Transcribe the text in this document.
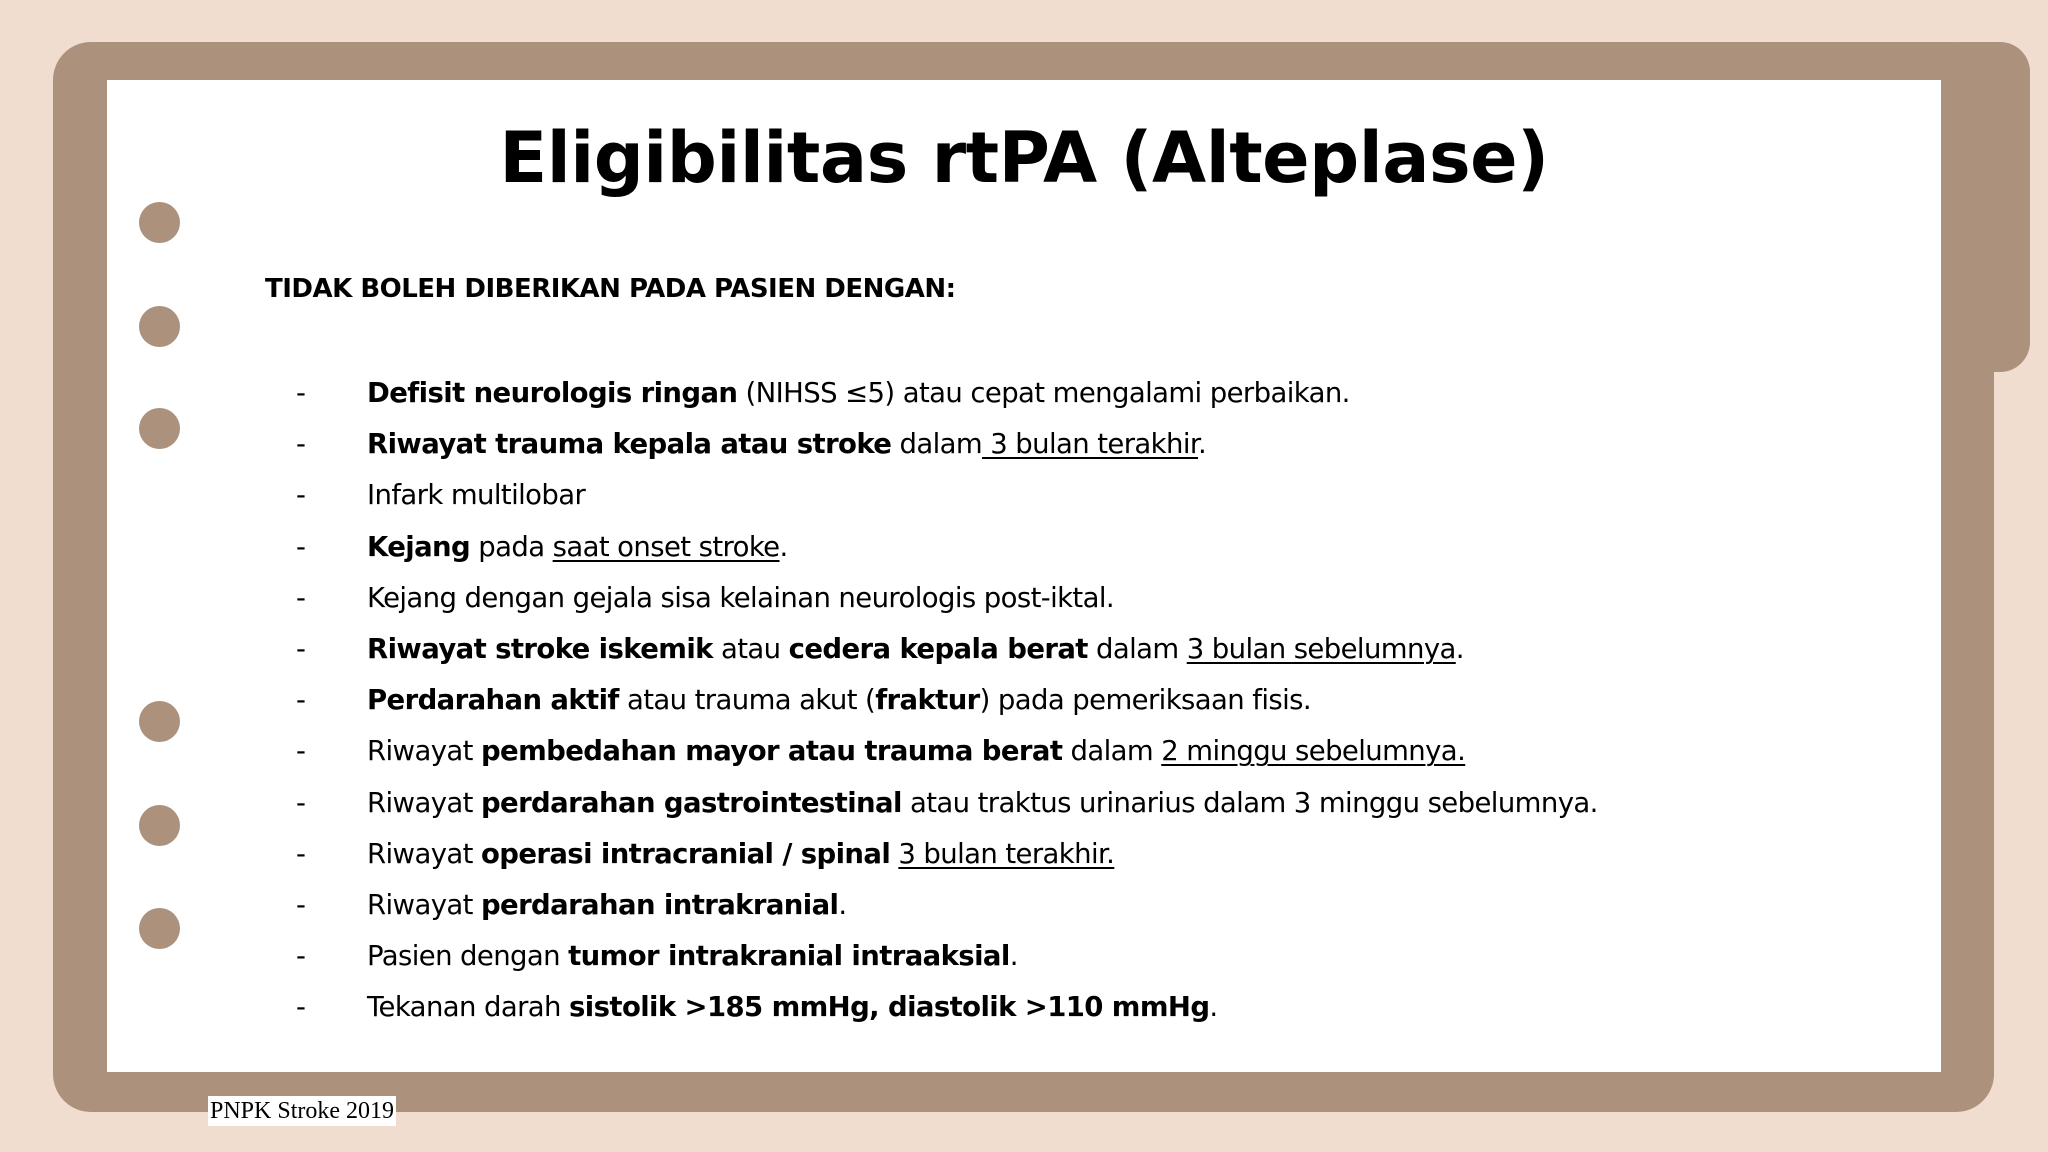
Eligibilitas rtPA (Alteplase)

TIDAK BOLEH DIBERIKAN PADA PASIEN DENGAN:

-	Defisit neurologis ringan (NIHSS ≤5) atau cepat mengalami perbaikan.
-	Riwayat trauma kepala atau stroke dalam 3 bulan terakhir.
-	Infark multilobar
-	Kejang pada saat onset stroke.
-	Kejang dengan gejala sisa kelainan neurologis post-iktal.
-	Riwayat stroke iskemik atau cedera kepala berat dalam 3 bulan sebelumnya.
-	Perdarahan aktif atau trauma akut (fraktur) pada pemeriksaan fisis.
-	Riwayat pembedahan mayor atau trauma berat dalam 2 minggu sebelumnya.
-	Riwayat perdarahan gastrointestinal atau traktus urinarius dalam 3 minggu sebelumnya.
-	Riwayat operasi intracranial / spinal 3 bulan terakhir.
-	Riwayat perdarahan intrakranial.
-	Pasien dengan tumor intrakranial intraaksial.
-	Tekanan darah sistolik >185 mmHg, diastolik >110 mmHg.
PNPK Stroke 2019
